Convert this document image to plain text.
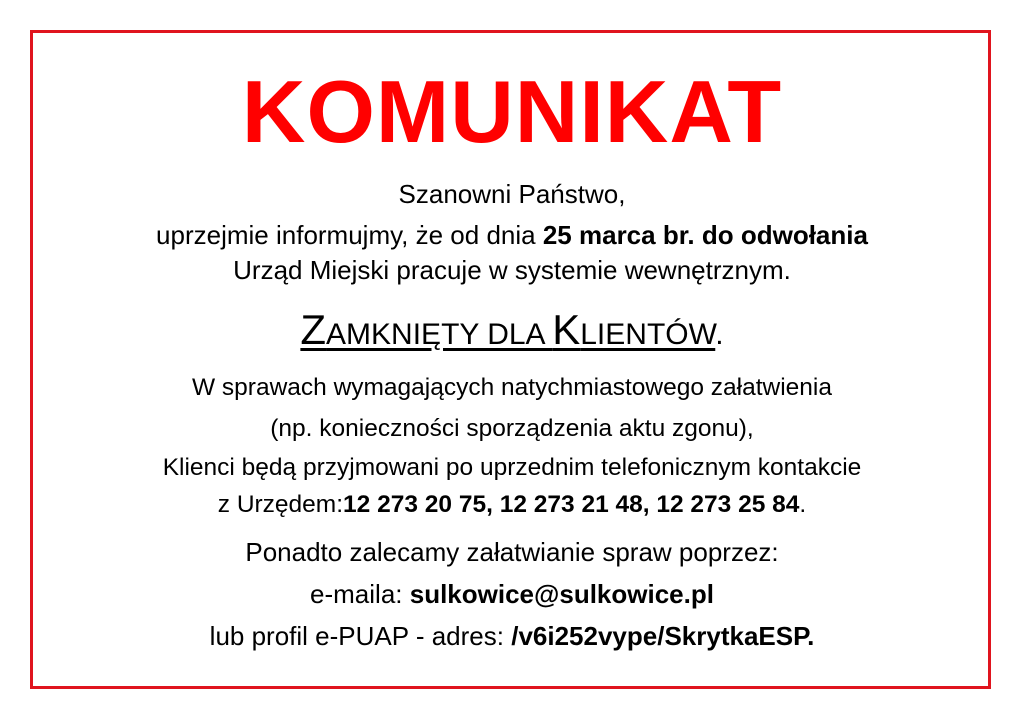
KOMUNIKAT
Szanowni Państwo,
uprzejmie informujmy, że od dnia 25 marca br. do odwołania
Urząd Miejski pracuje w systemie wewnętrznym.
ZAMKNIĘTY DLA KLIENTÓW.
W sprawach wymagających natychmiastowego załatwienia
(np. konieczności sporządzenia aktu zgonu),
Klienci będą przyjmowani po uprzednim telefonicznym kontakcie
z Urzędem:12 273 20 75, 12 273 21 48, 12 273 25 84.
Ponadto zalecamy załatwianie spraw poprzez:
e-maila: sulkowice@sulkowice.pl
lub profil e-PUAP - adres: /v6i252vype/SkrytkaESP.
